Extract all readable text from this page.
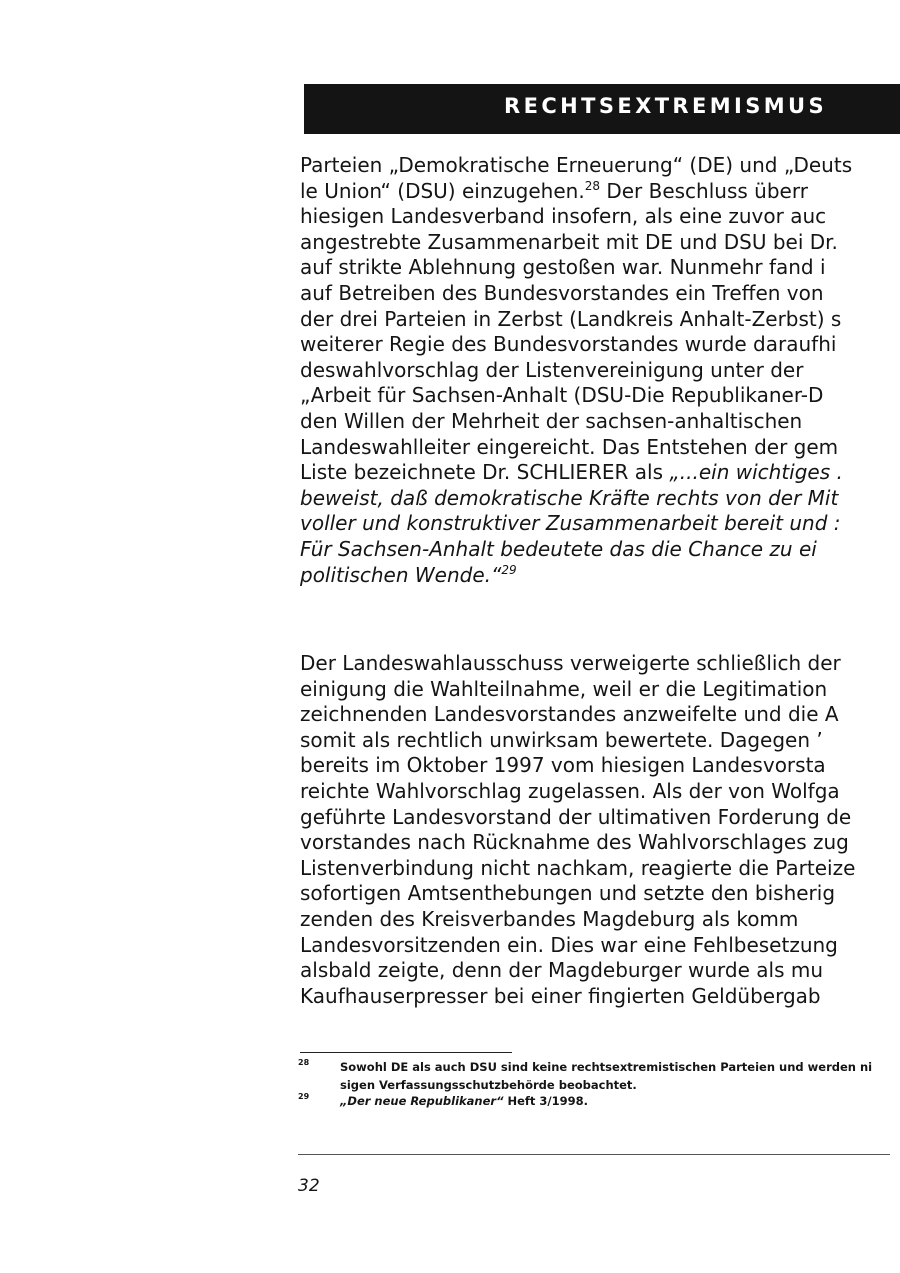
RECHTSEXTREMISMUS
Parteien „Demokratische Erneuerung“ (DE) und „Deuts
le Union“ (DSU) einzugehen.$^{28}$ Der Beschluss überr
hiesigen Landesverband insofern, als eine zuvor auc
angestrebte Zusammenarbeit mit DE und DSU bei Dr.
auf strikte Ablehnung gestoßen war. Nunmehr fand i
auf Betreiben des Bundesvorstandes ein Treffen von
der drei Parteien in Zerbst (Landkreis Anhalt-Zerbst) s
weiterer Regie des Bundesvorstandes wurde daraufhi
deswahlvorschlag der Listenvereinigung unter der
„Arbeit für Sachsen-Anhalt (DSU-Die Republikaner-D
den Willen der Mehrheit der sachsen-anhaltischen
Landeswahlleiter eingereicht. Das Entstehen der gem
Liste bezeichnete Dr. SCHLIERER als „...ein wichtiges .
beweist, daß demokratische Kräfte rechts von der Mit
voller und konstruktiver Zusammenarbeit bereit und :
Für Sachsen-Anhalt bedeutete das die Chance zu ei
politischen Wende.“$^{29}$
Der Landeswahlausschuss verweigerte schließlich der
einigung die Wahlteilnahme, weil er die Legitimation
zeichnenden Landesvorstandes anzweifelte und die A
somit als rechtlich unwirksam bewertete. Dagegen ’
bereits im Oktober 1997 vom hiesigen Landesvorsta
reichte Wahlvorschlag zugelassen. Als der von Wolfga
geführte Landesvorstand der ultimativen Forderung de
vorstandes nach Rücknahme des Wahlvorschlages zug
Listenverbindung nicht nachkam, reagierte die Parteize
sofortigen Amtsenthebungen und setzte den bisherig
zenden des Kreisverbandes Magdeburg als komm
Landesvorsitzenden ein. Dies war eine Fehlbesetzung
alsbald zeigte, denn der Magdeburger wurde als mu
Kaufhauserpresser bei einer fingierten Geldübergab
28	Sowohl DE als auch DSU sind keine rechtsextremistischen Parteien und werden ni
sigen Verfassungsschutzbehörde beobachtet.
29	„Der neue Republikaner“ Heft 3/1998.
32
